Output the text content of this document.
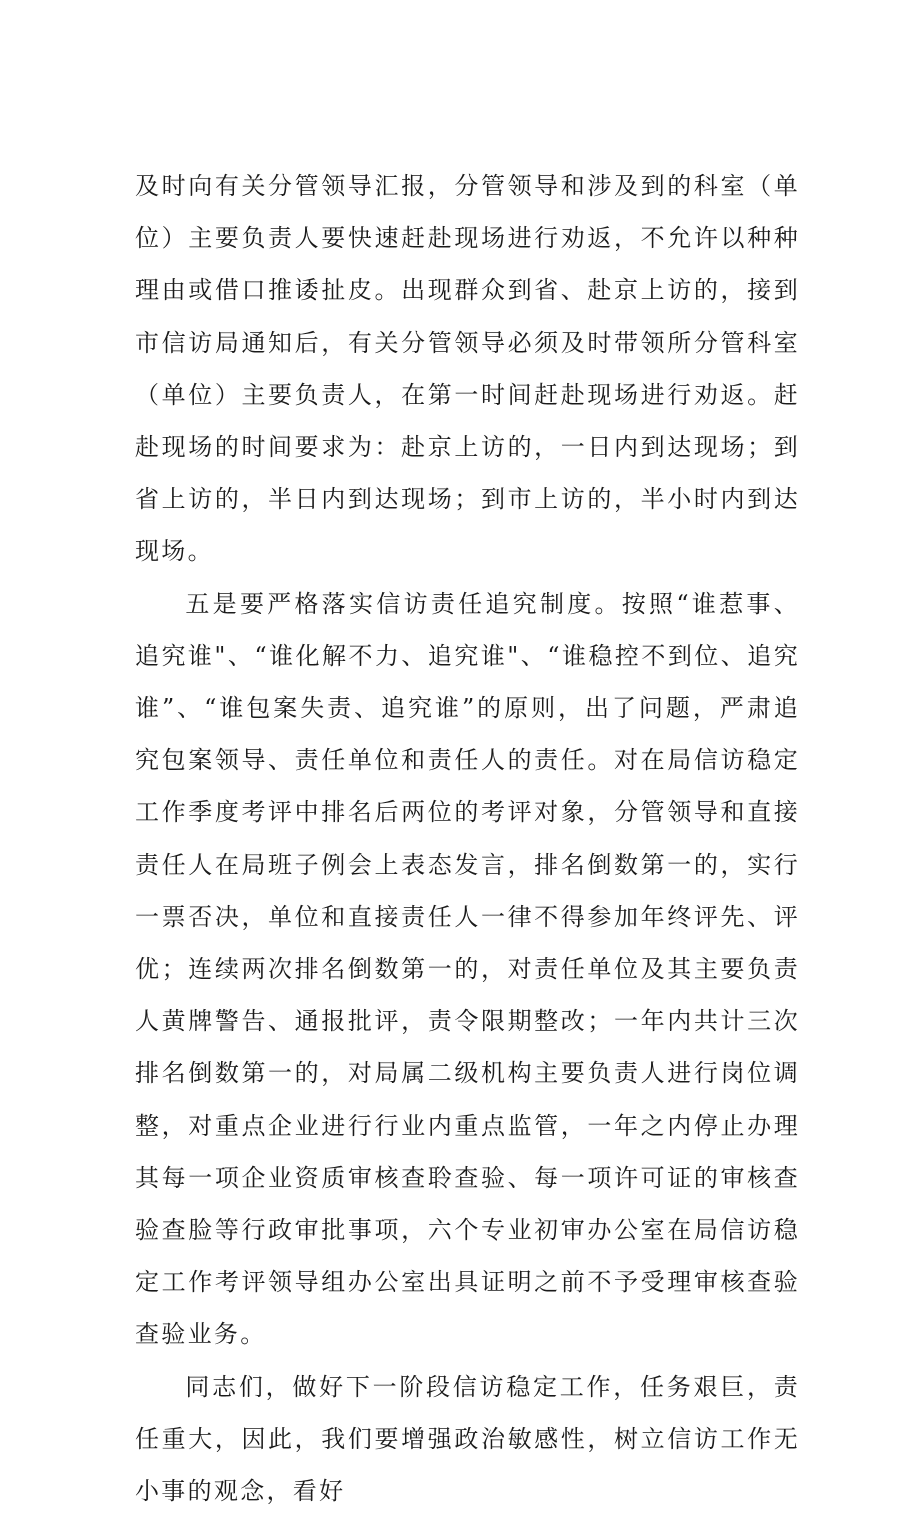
及时向有关分管领导汇报，分管领导和涉及到的科室（单位）主要负责人要快速赶赴现场进行劝返，不允许以种种理由或借口推诿扯皮。出现群众到省、赴京上访的，接到市信访局通知后，有关分管领导必须及时带领所分管科室（单位）主要负责人，在第一时间赶赴现场进行劝返。赶赴现场的时间要求为：赴京上访的，一日内到达现场；到省上访的，半日内到达现场；到市上访的，半小时内到达现场。

五是要严格落实信访责任追究制度。按照“谁惹事、追究谁"、“谁化解不力、追究谁"、“谁稳控不到位、追究谁”、“谁包案失责、追究谁”的原则，出了问题，严肃追究包案领导、责任单位和责任人的责任。对在局信访稳定工作季度考评中排名后两位的考评对象，分管领导和直接责任人在局班子例会上表态发言，排名倒数第一的，实行一票否决，单位和直接责任人一律不得参加年终评先、评优；连续两次排名倒数第一的，对责任单位及其主要负责人黄牌警告、通报批评，责令限期整改；一年内共计三次排名倒数第一的，对局属二级机构主要负责人进行岗位调整，对重点企业进行行业内重点监管，一年之内停止办理其每一项企业资质审核查聆查验、每一项许可证的审核查验查脸等行政审批事项，六个专业初审办公室在局信访稳定工作考评领导组办公室出具证明之前不予受理审核查验查验业务。

同志们，做好下一阶段信访稳定工作，任务艰巨，责任重大，因此，我们要增强政治敏感性，树立信访工作无小事的观念，看好
